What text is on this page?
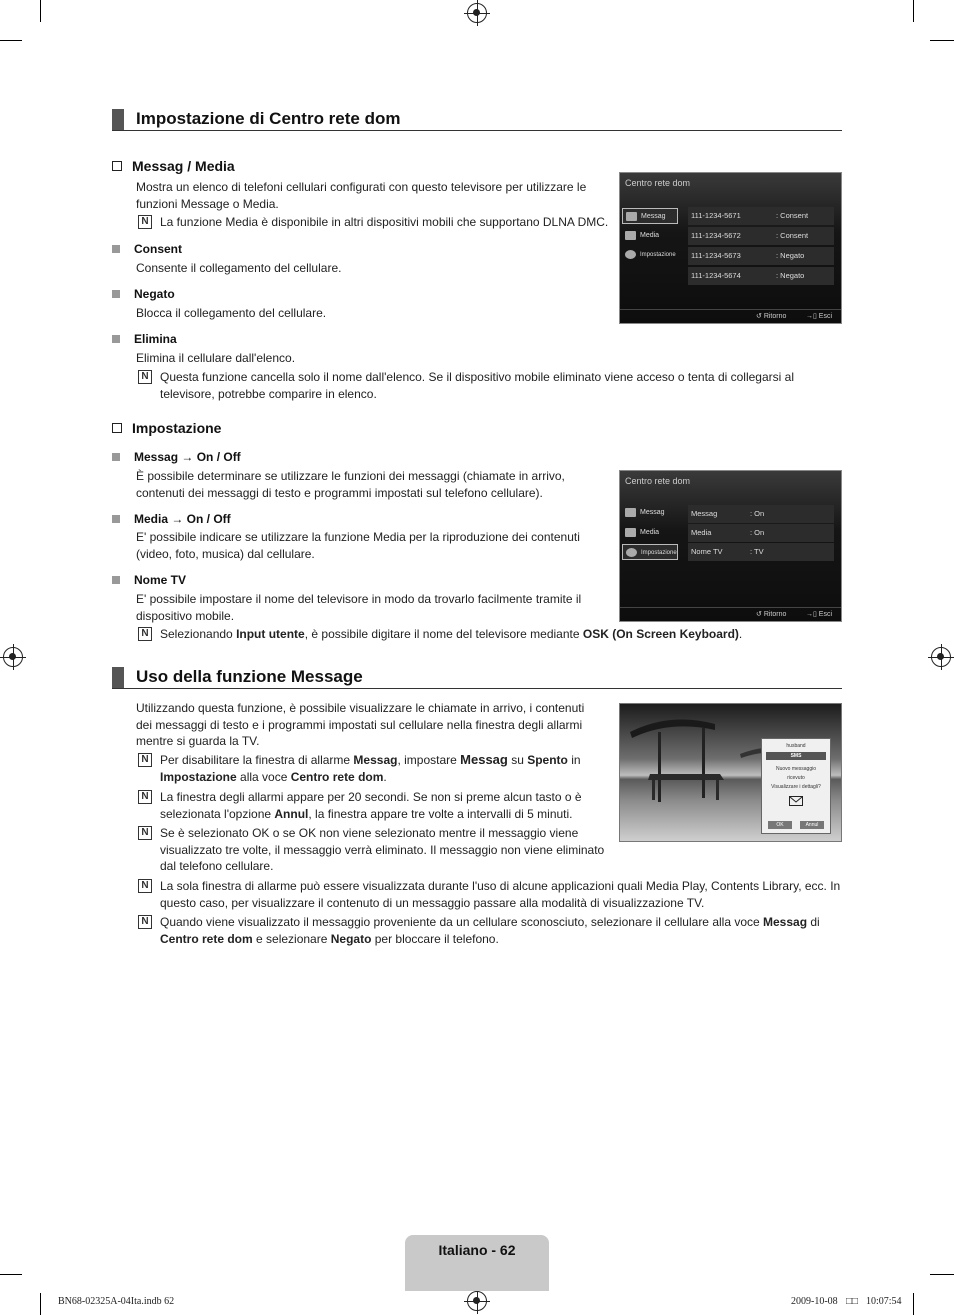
Impostazione di Centro rete dom
Messag / Media
Mostra un elenco di telefoni cellulari configurati con questo televisore per utilizzare le funzioni Message o Media.
N La funzione Media è disponibile in altri dispositivi mobili che supportano DLNA DMC.
Consent
Consente il collegamento del cellulare.
Negato
Blocca il collegamento del cellulare.
Elimina
Elimina il cellulare dall'elenco.
N Questa funzione cancella solo il nome dall'elenco. Se il dispositivo mobile eliminato viene acceso o tenta di collegarsi al televisore, potrebbe comparire in elenco.
Centro rete dom
Messag
Media
Impostazione
111-1234-5671	: Consent
111-1234-5672	: Consent
111-1234-5673	: Negato
111-1234-5674	: Negato
↺ Ritorno	→▯ Esci
Impostazione
Messag → On / Off
È possibile determinare se utilizzare le funzioni dei messaggi (chiamate in arrivo, contenuti dei messaggi di testo e programmi impostati sul telefono cellulare).
Media → On / Off
E' possibile indicare se utilizzare la funzione Media per la riproduzione dei contenuti (video, foto, musica) dal cellulare.
Nome TV
E' possibile impostare il nome del televisore in modo da trovarlo facilmente tramite il dispositivo mobile.
N Selezionando Input utente, è possibile digitare il nome del televisore mediante OSK (On Screen Keyboard).
Centro rete dom
Messag
Media
Impostazione
Messag	: On
Media	: On
Nome TV	: TV
↺ Ritorno	→▯ Esci
Uso della funzione Message
Utilizzando questa funzione, è possibile visualizzare le chiamate in arrivo, i contenuti dei messaggi di testo e i programmi impostati sul cellulare nella finestra degli allarmi mentre si guarda la TV.
N Per disabilitare la finestra di allarme Messag, impostare Messag su Spento in Impostazione alla voce Centro rete dom.
N La finestra degli allarmi appare per 20 secondi. Se non si preme alcun tasto o è selezionata l'opzione Annul, la finestra appare tre volte a intervalli di 5 minuti.
N Se è selezionato OK o se OK non viene selezionato mentre il messaggio viene visualizzato tre volte, il messaggio verrà eliminato. Il messaggio non viene eliminato dal telefono cellulare.
N La sola finestra di allarme può essere visualizzata durante l'uso di alcune applicazioni quali Media Play, Contents Library, ecc. In questo caso, per visualizzare il contenuto di un messaggio passare alla modalità di visualizzazione TV.
N Quando viene visualizzato il messaggio proveniente da un cellulare sconosciuto, selezionare il cellulare alla voce Messag di Centro rete dom e selezionare Negato per bloccare il telefono.
husband
SMS
Nuovo messaggio
ricevuto
Visualizzare i dettagli?
OK	Annul
Italiano - 62
BN68-02325A-04Ita.indb 62	2009-10-08 □□ 10:07:54
